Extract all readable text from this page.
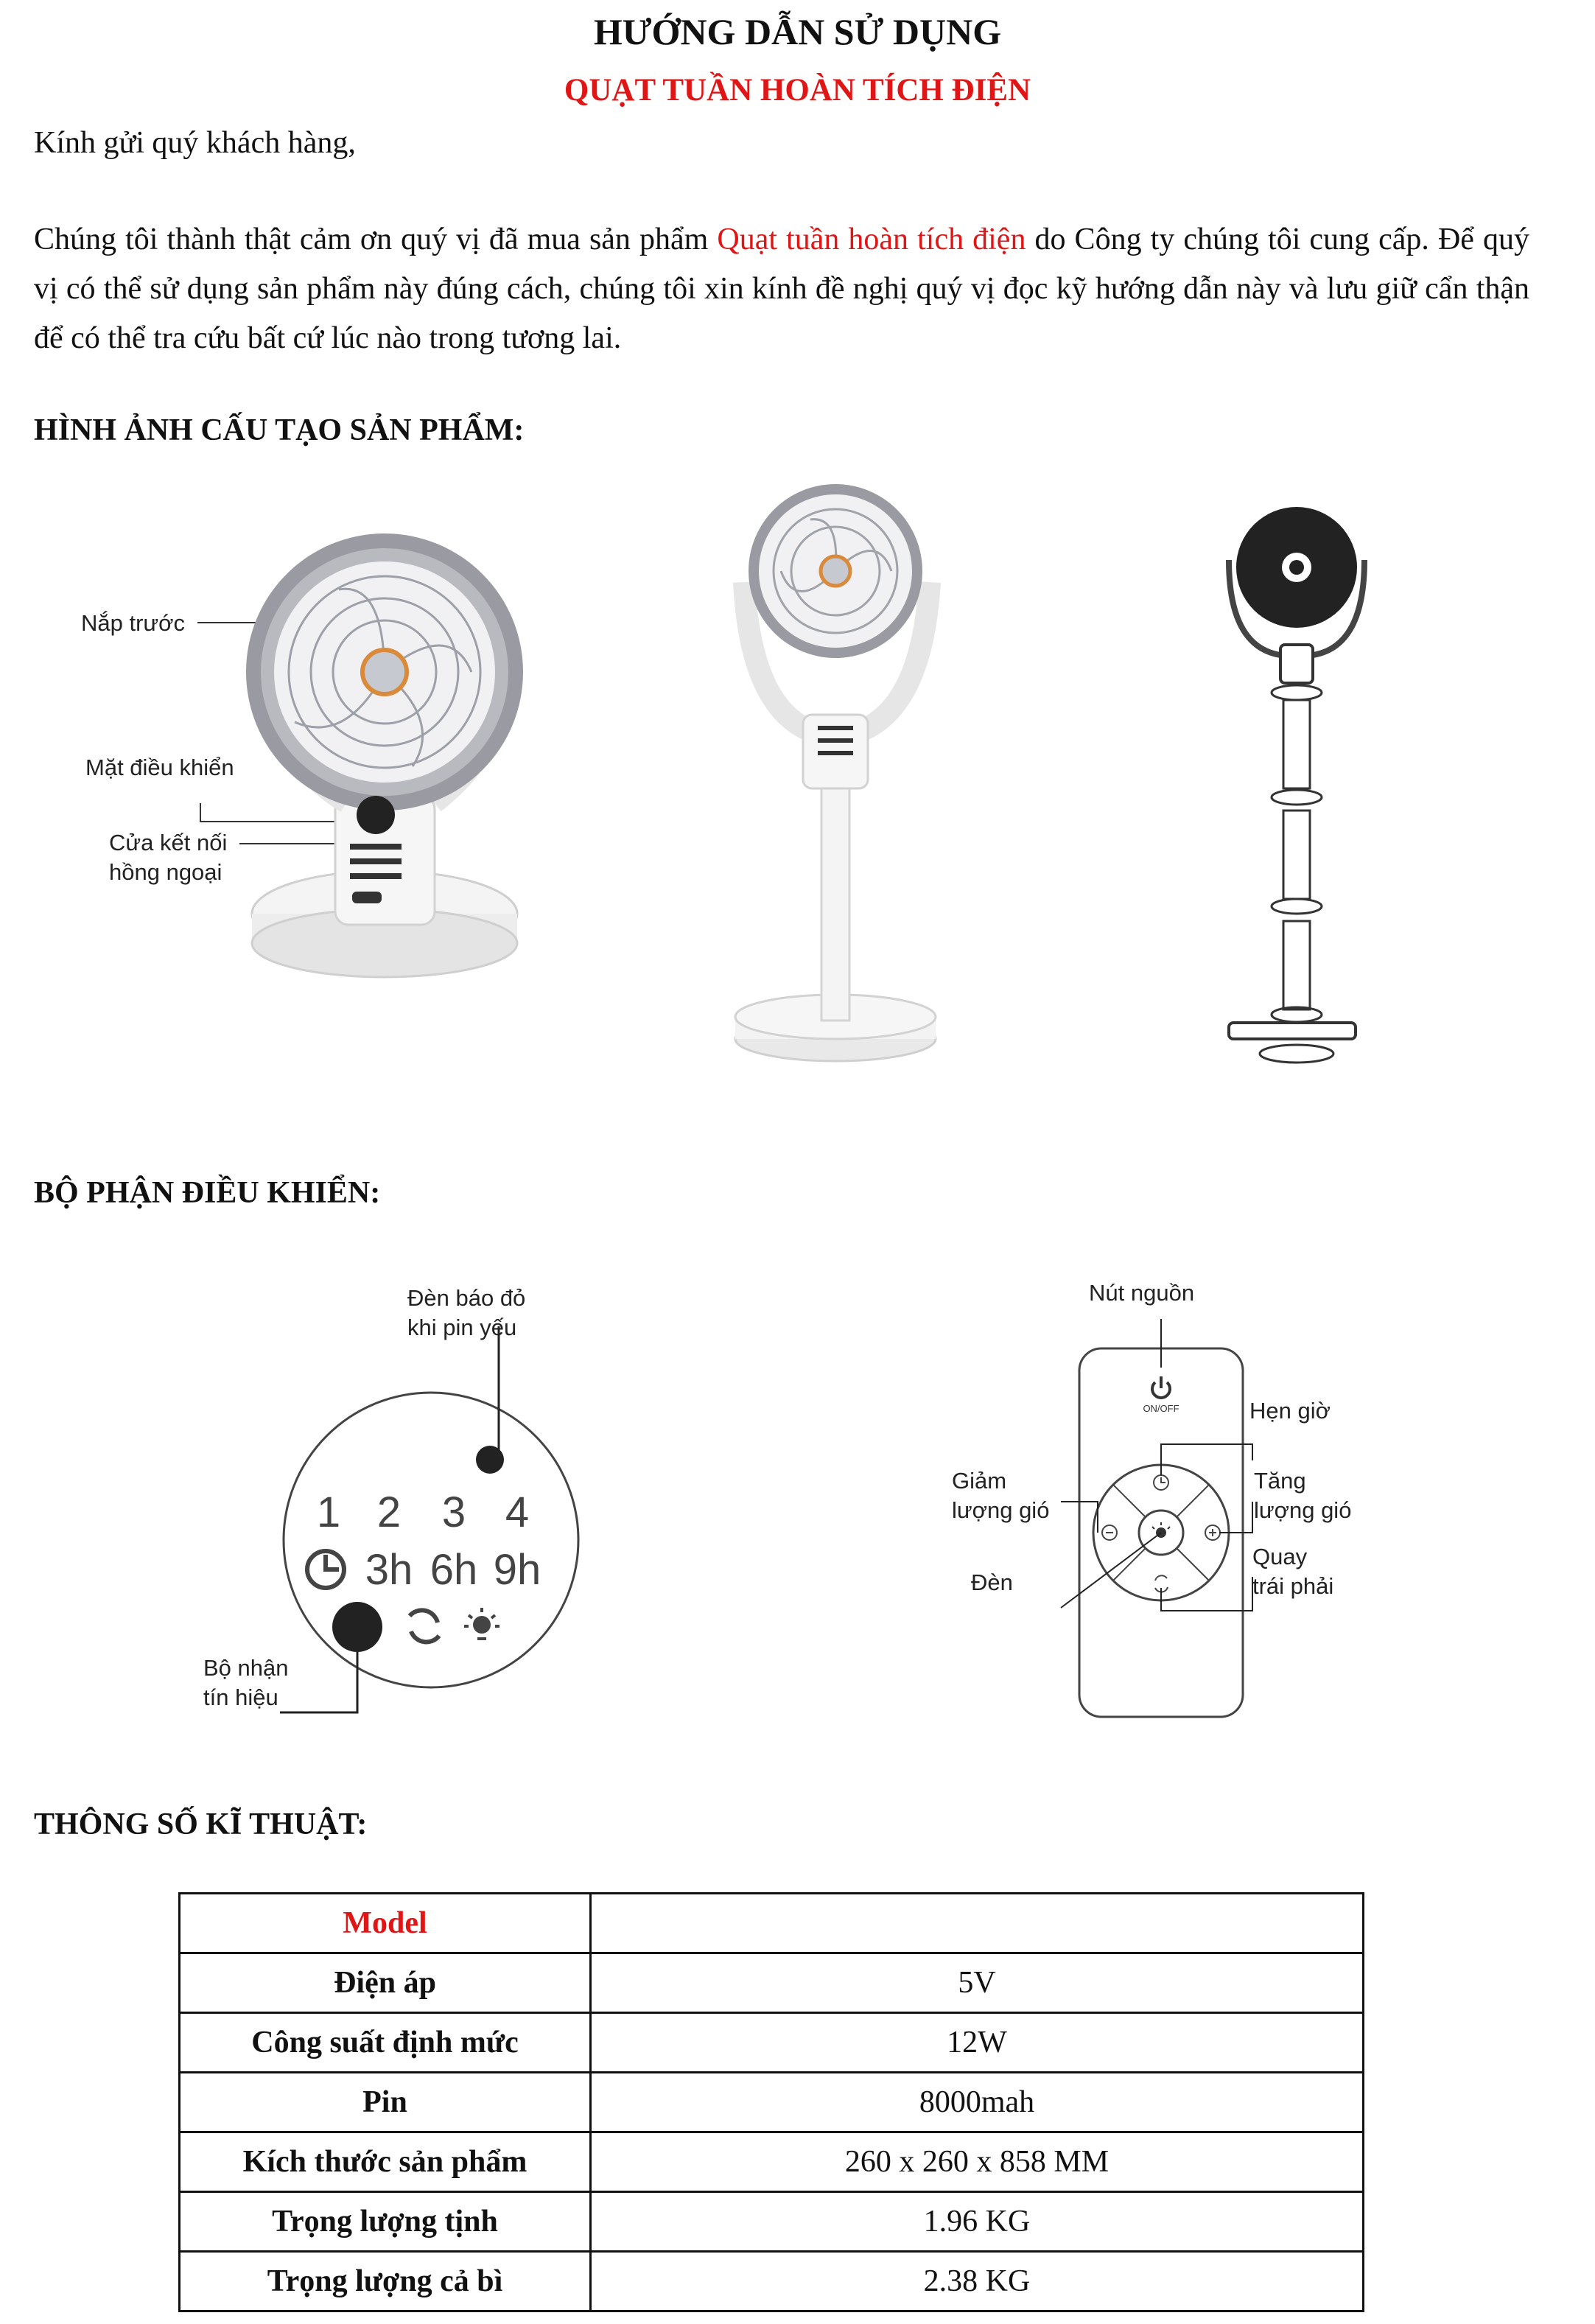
HƯỚNG DẪN SỬ DỤNG
QUẠT TUẦN HOÀN TÍCH ĐIỆN
Kính gửi quý khách hàng,
Chúng tôi thành thật cảm ơn quý vị đã mua sản phẩm Quạt tuần hoàn tích điện do Công ty chúng tôi cung cấp. Để quý vị có thể sử dụng sản phẩm này đúng cách, chúng tôi xin kính đề nghị quý vị đọc kỹ hướng dẫn này và lưu giữ cẩn thận để có thể tra cứu bất cứ lúc nào trong tương lai.
HÌNH ẢNH CẤU TẠO SẢN PHẨM:
Nắp trước
Mặt điều khiển
Cửa kết nối
hồng ngoại
BỘ PHẬN ĐIỀU KHIỂN:
Đèn báo đỏ
khi pin yếu
Bộ nhận
tín hiệu
1 2 3 4
3h 6h 9h
Nút nguồn
Hẹn giờ
Giảm
lượng gió
Tăng
lượng gió
Đèn
Quay
trái phải
ON/OFF
THÔNG SỐ KĨ THUẬT:
Model	
Điện áp	5V
Công suất định mức	12W
Pin	8000mah
Kích thước sản phẩm	260 x 260 x 858 MM
Trọng lượng tịnh	1.96 KG
Trọng lượng cả bì	2.38 KG
